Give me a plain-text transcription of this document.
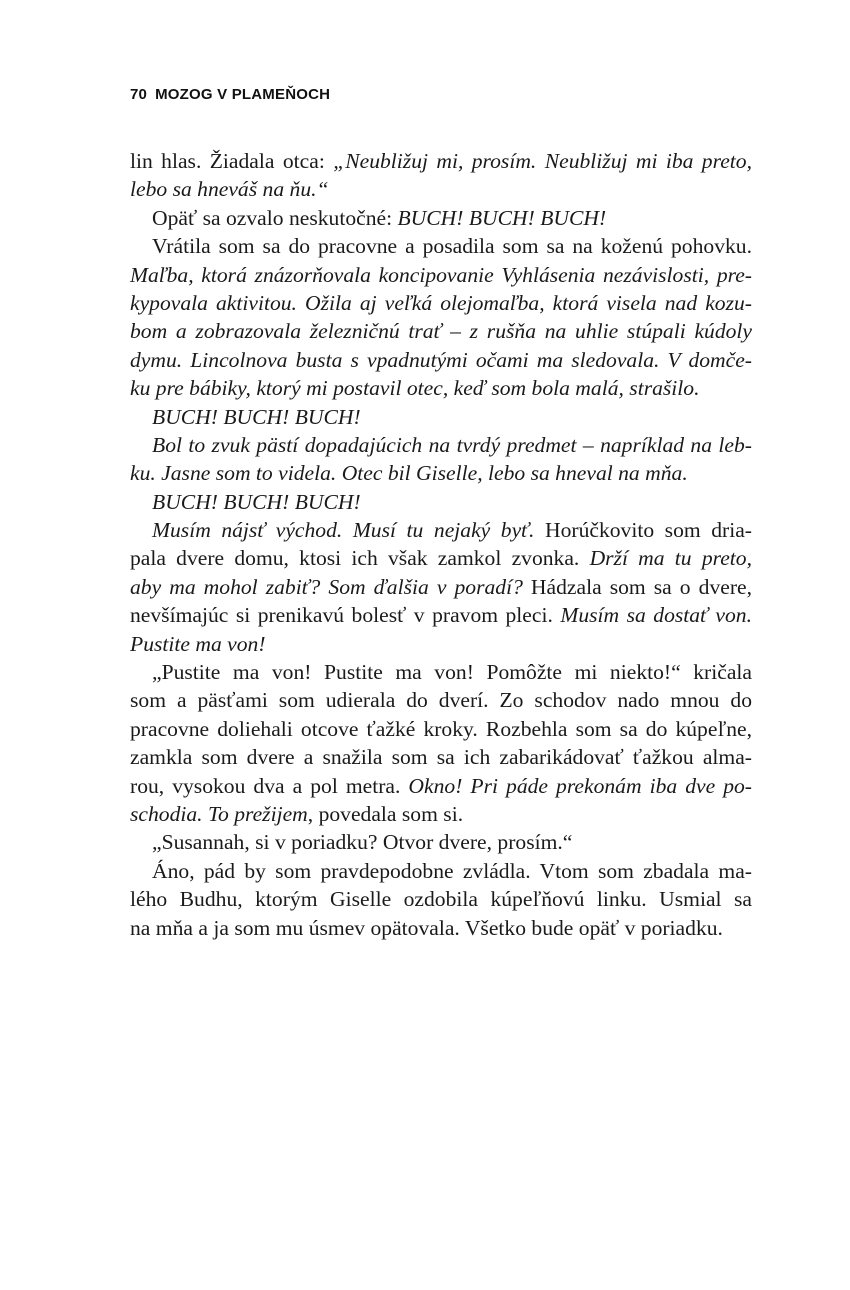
70 MOZOG V PLAMEŇOCH
lin hlas. Žiadala otca: „Neubližuj mi, prosím. Neubližuj mi iba preto,
lebo sa hneváš na ňu.“
Opäť sa ozvalo neskutočné: BUCH! BUCH! BUCH!
Vrátila som sa do pracovne a posadila som sa na koženú pohovku.
Maľba, ktorá znázorňovala koncipovanie Vyhlásenia nezávislosti, pre-
kypovala aktivitou. Ožila aj veľká olejomaľba, ktorá visela nad kozu-
bom a zobrazovala železničnú trať – z rušňa na uhlie stúpali kúdoly
dymu. Lincolnova busta s vpadnutými očami ma sledovala. V domče-
ku pre bábiky, ktorý mi postavil otec, keď som bola malá, strašilo.
BUCH! BUCH! BUCH!
Bol to zvuk pästí dopadajúcich na tvrdý predmet – napríklad na leb-
ku. Jasne som to videla. Otec bil Giselle, lebo sa hneval na mňa.
BUCH! BUCH! BUCH!
Musím nájsť východ. Musí tu nejaký byť. Horúčkovito som dria-
pala dvere domu, ktosi ich však zamkol zvonka. Drží ma tu preto,
aby ma mohol zabiť? Som ďalšia v poradí? Hádzala som sa o dvere,
nevšímajúc si prenikavú bolesť v pravom pleci. Musím sa dostať von.
Pustite ma von!
„Pustite ma von! Pustite ma von! Pomôžte mi niekto!“ kričala
som a päsťami som udierala do dverí. Zo schodov nado mnou do
pracovne doliehali otcove ťažké kroky. Rozbehla som sa do kúpeľne,
zamkla som dvere a snažila som sa ich zabarikádovať ťažkou alma-
rou, vysokou dva a pol metra. Okno! Pri páde prekonám iba dve po-
schodia. To prežijem, povedala som si.
„Susannah, si v poriadku? Otvor dvere, prosím.“
Áno, pád by som pravdepodobne zvládla. Vtom som zbadala ma-
lého Budhu, ktorým Giselle ozdobila kúpeľňovú linku. Usmial sa
na mňa a ja som mu úsmev opätovala. Všetko bude opäť v poriadku.
